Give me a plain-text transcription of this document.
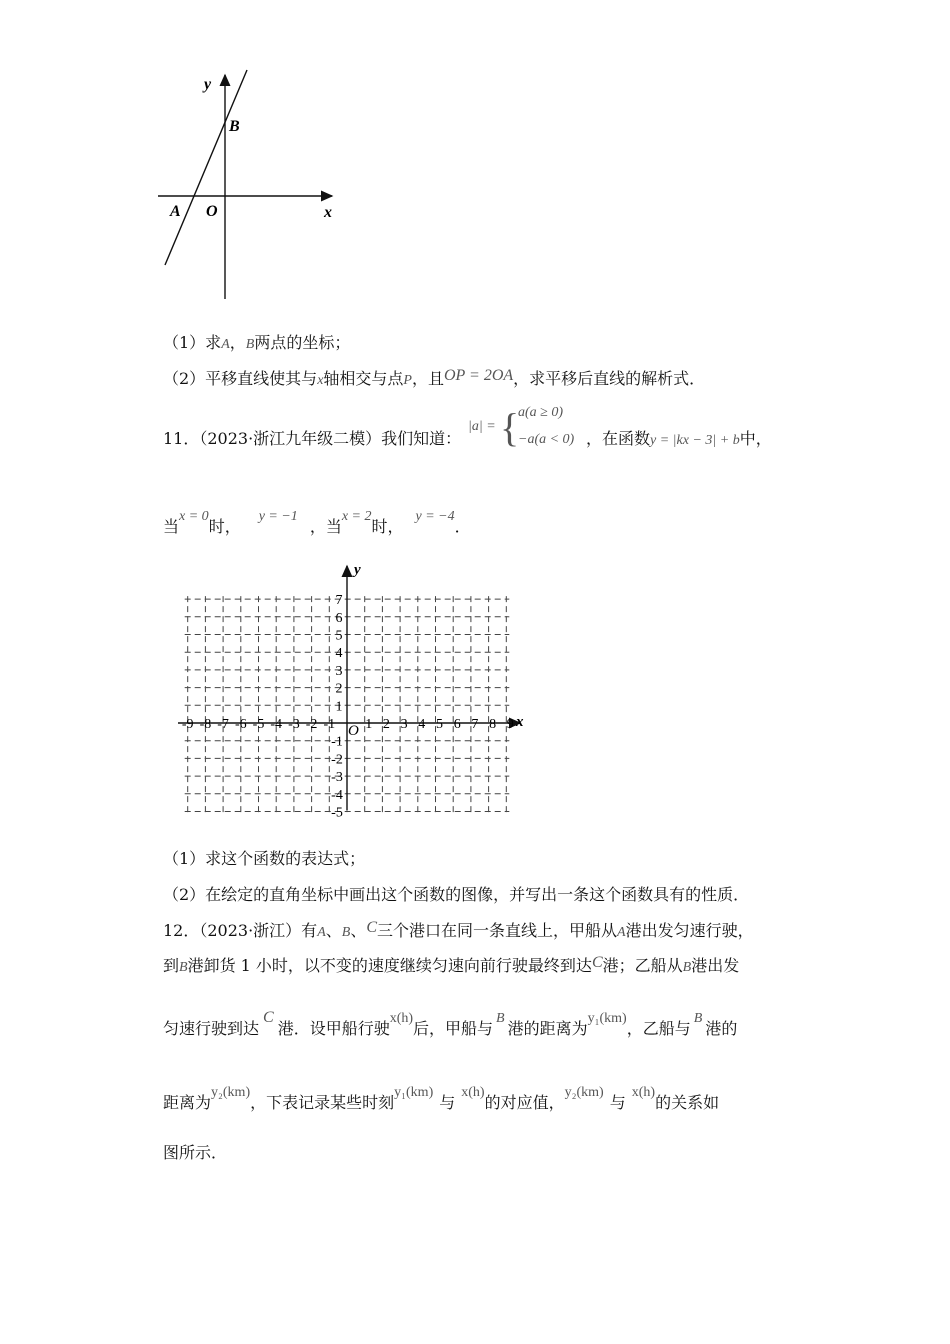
y
x
B
A O
（1）求A，B两点的坐标；
（2）平移直线使其与x轴相交与点P，且OP = 2OA，求平移后直线的解析式．
11．（2023·浙江九年级二模）我们知道：
|a| = {
a(a ≥ 0)
−a(a < 0) ，在函数y = |kx − 3| + b中，
当x = 0时，y = −1，当x = 2时，y = −4．
x
y
O
-9 -8 -7 -6 -5 -4 -3 -2 -1 1 2 3 4 5 6 7 8 9
1
2
3
4
5
6
7
-1
-2
-3
-4
-5
（1）求这个函数的表达式；
（2）在绘定的直角坐标中画出这个函数的图像，并写出一条这个函数具有的性质．
12．（2023·浙江）有A、B、C三个港口在同一条直线上，甲船从A港出发匀速行驶，
到B港卸货 1 小时，以不变的速度继续匀速向前行驶最终到达C港；乙船从B港出发
匀速行驶到达C港．设甲船行驶x(h)后，甲船与B港的距离为y₁(km)，乙船与B港的
距离为y₂(km)，下表记录某些时刻y₁(km)与x(h)的对应值，y₂(km)与x(h)的关系如
图所示．
